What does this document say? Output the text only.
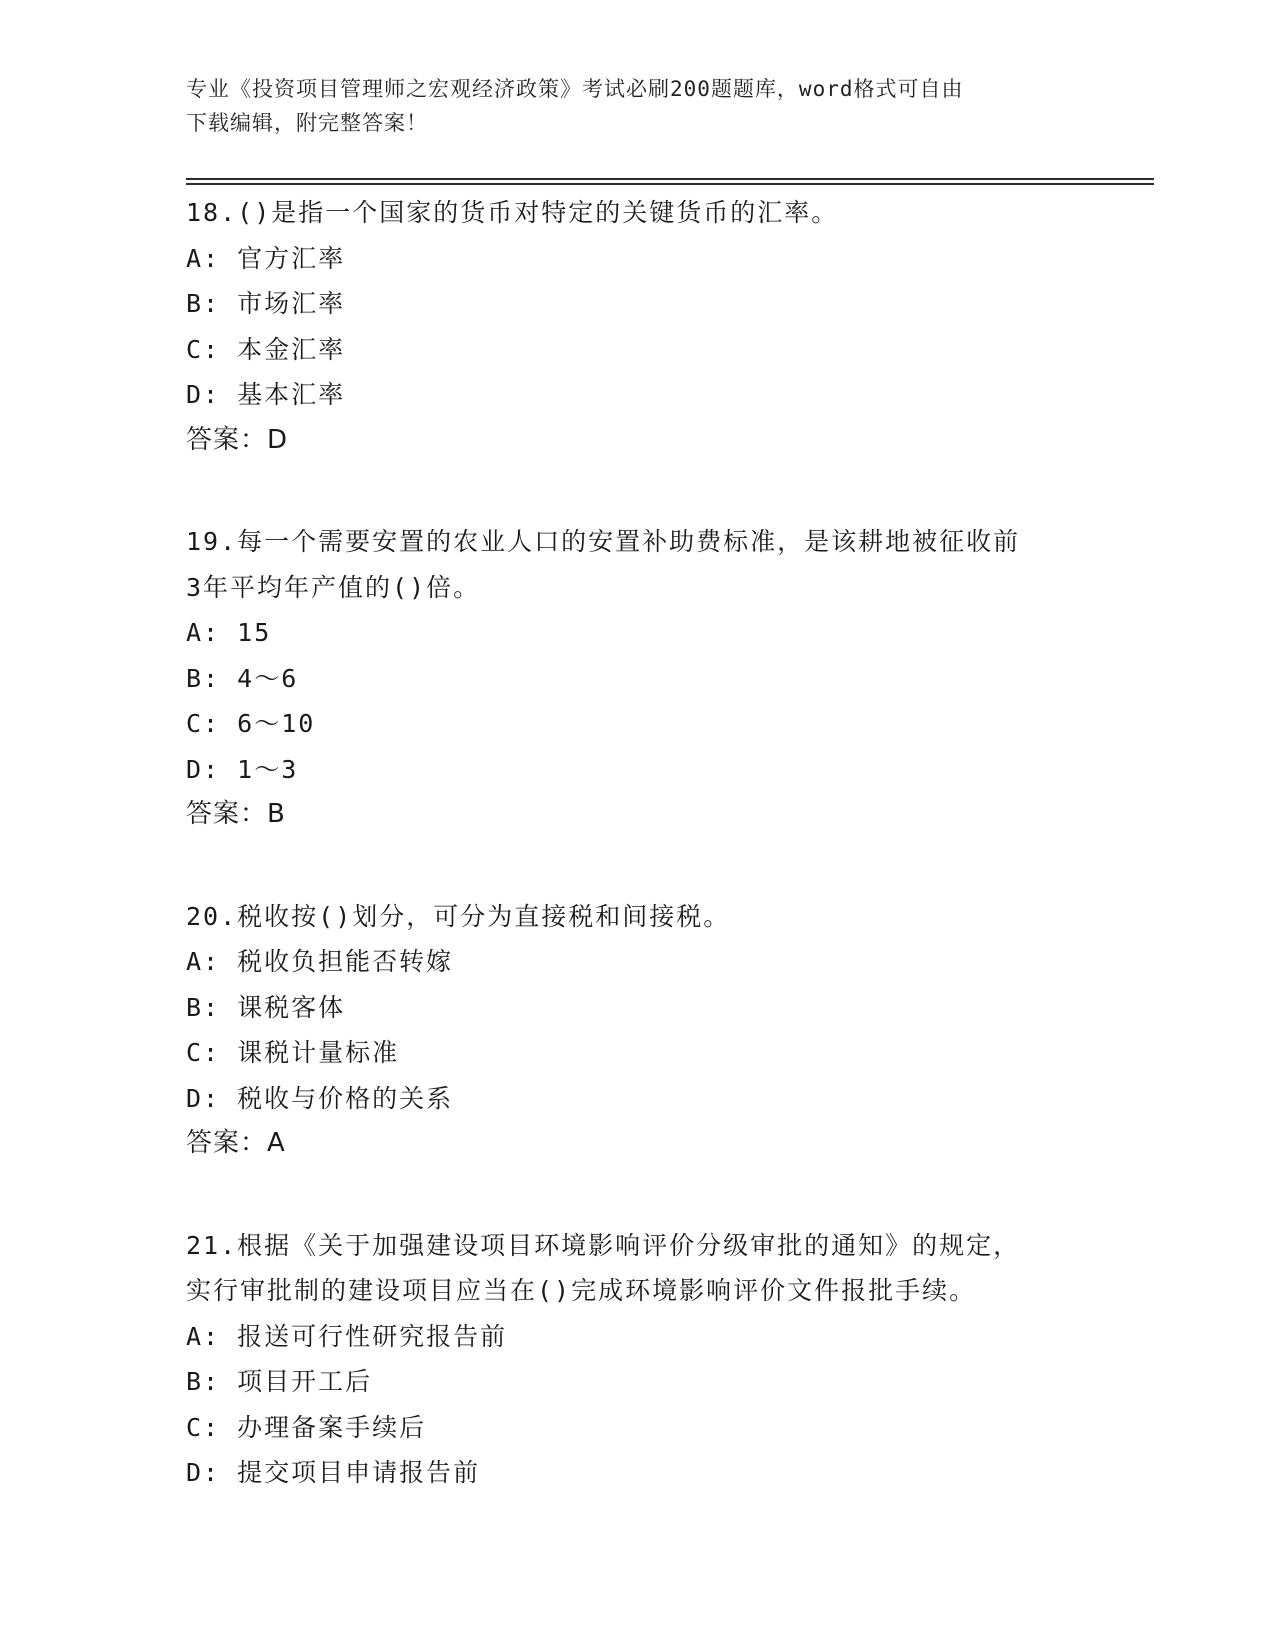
专业《投资项目管理师之宏观经济政策》考试必刷200题题库，word格式可自由

下载编辑，附完整答案！

18.()是指一个国家的货币对特定的关键货币的汇率。

A: 官方汇率

B: 市场汇率

C: 本金汇率

D: 基本汇率

答案：D

19.每一个需要安置的农业人口的安置补助费标准，是该耕地被征收前

3年平均年产值的()倍。

A: 15

B: 4～6

C: 6～10

D: 1～3

答案：B

20.税收按()划分，可分为直接税和间接税。

A: 税收负担能否转嫁

B: 课税客体

C: 课税计量标准

D: 税收与价格的关系

答案：A

21.根据《关于加强建设项目环境影响评价分级审批的通知》的规定，

实行审批制的建设项目应当在()完成环境影响评价文件报批手续。

A: 报送可行性研究报告前

B: 项目开工后

C: 办理备案手续后

D: 提交项目申请报告前
